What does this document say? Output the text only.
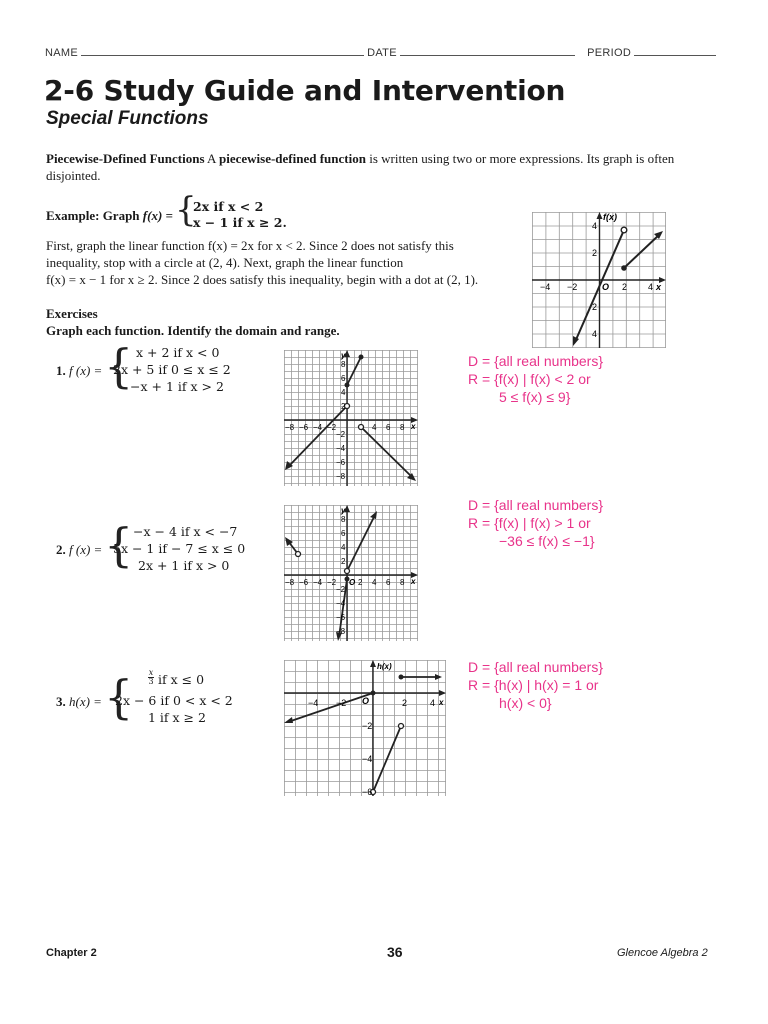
NAME	DATE	PERIOD
2-6 Study Guide and Intervention
Special Functions
Piecewise-Defined Functions A piecewise-defined function is written using two or more expressions. Its graph is often disjointed.
Example: Graph f(x) = {
2x if x < 2
x − 1 if x ≥ 2.
First, graph the linear function f(x) = 2x for x < 2. Since 2 does not satisfy this
inequality, stop with a circle at (2, 4). Next, graph the linear function
f(x) = x − 1 for x ≥ 2. Since 2 does satisfy this inequality, begin with a dot at (2, 1).
f(x)
O
−4 −2	2 4 x
4
2
2
4
Exercises
Graph each function. Identify the domain and range.
1. f (x) = { x + 2 if x < 0
2x + 5 if 0 ≤ x ≤ 2
−x + 1 if x > 2
−8 −6 −4 −2	4 6 8 x
y
8
6
4
2
−2
−4
−6
−8
D = {all real numbers}
R = {f(x) | f(x) < 2 or
5 ≤ f(x) ≤ 9}
2. f (x) = { −x − 4 if x < −7
5x − 1 if − 7 ≤ x ≤ 0
2x + 1 if x > 0
−8 −6 −4 −2	2 4 6 8 x
O
y
8
6
4
2
−2
−4
−6
−8
D = {all real numbers}
R = {f(x) | f(x) > 1 or
−36 ≤ f(x) ≤ −1}
3. h(x) = { $\frac{x}{3}$ if x ≤ 0
2x − 6 if 0 < x < 2
1 if x ≥ 2
−4 −2	2	4 x
O
h(x)
−2
−4
−6
D = {all real numbers}
R = {h(x) | h(x) = 1 or
h(x) < 0}
Chapter 2	36	Glencoe Algebra 2
